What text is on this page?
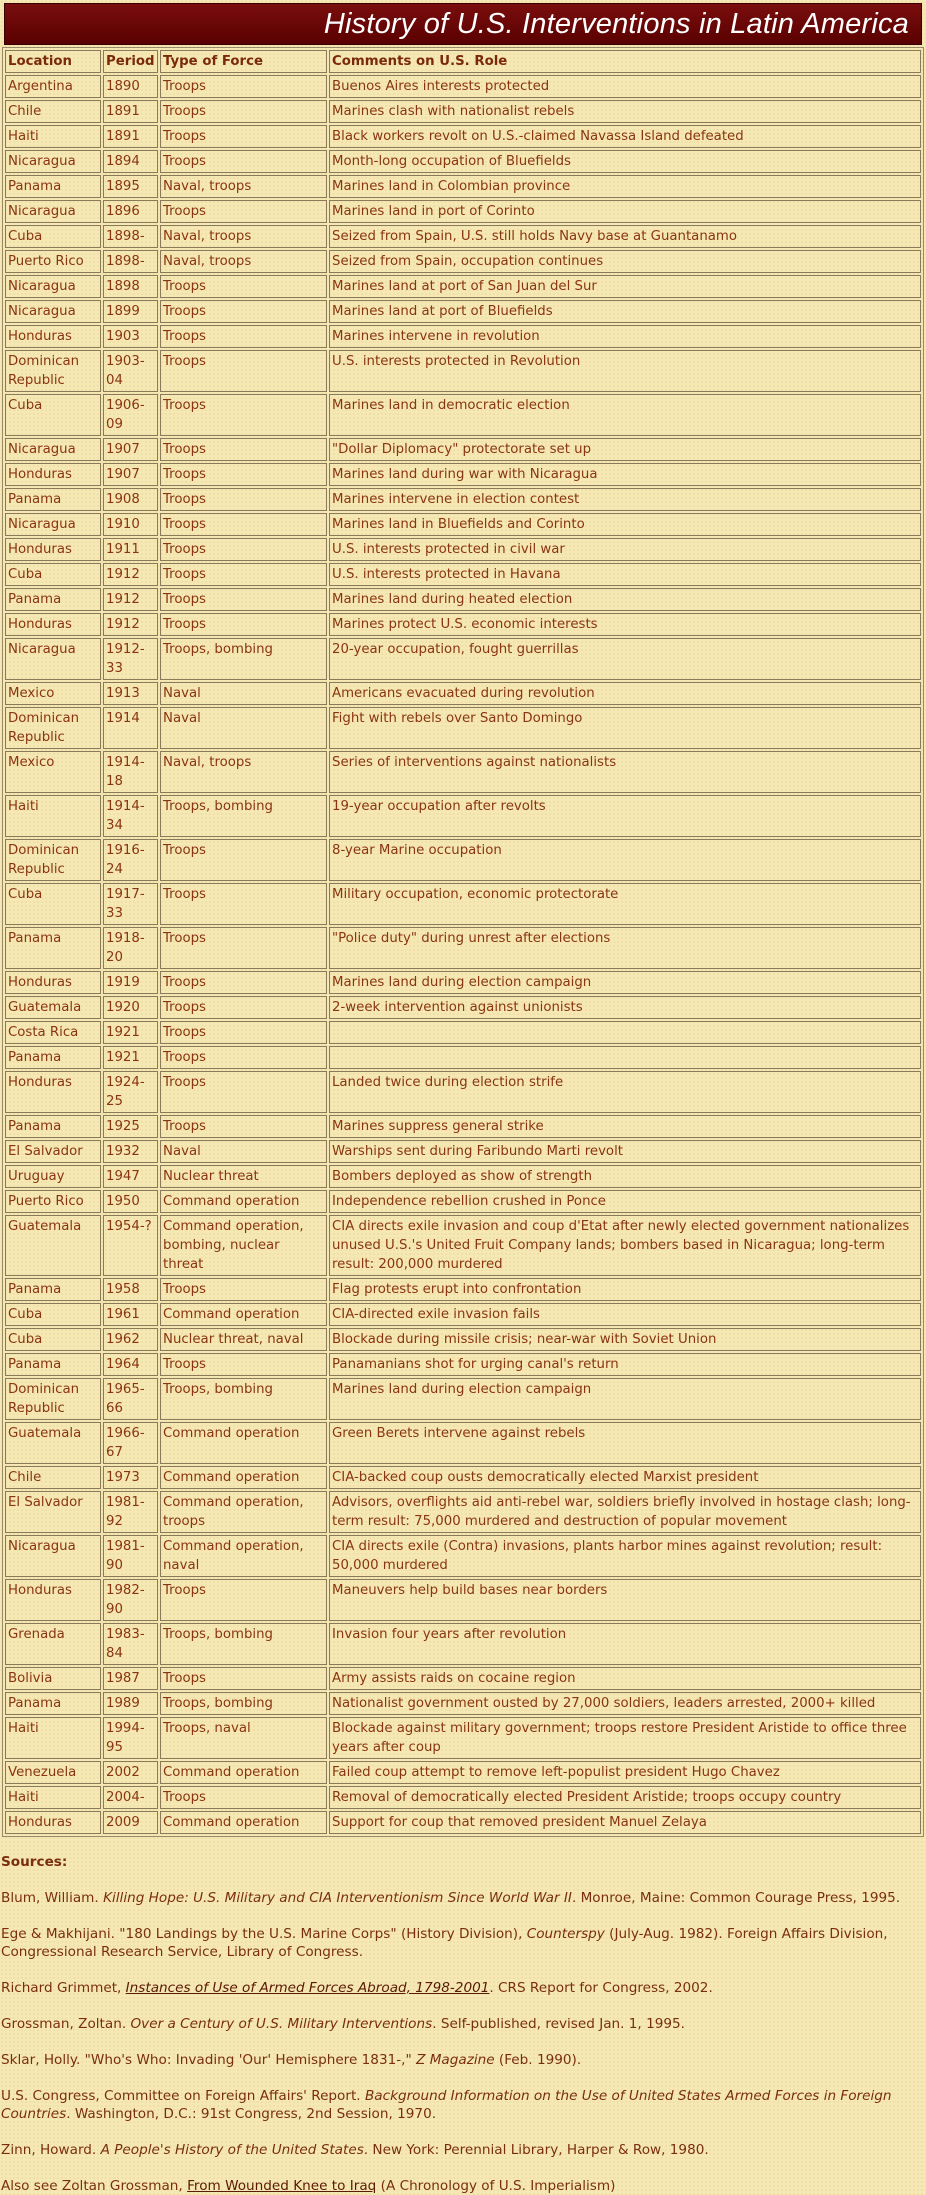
History of U.S. Interventions in Latin America
Location	Period	Type of Force	Comments on U.S. Role
Argentina	1890	Troops	Buenos Aires interests protected
Chile	1891	Troops	Marines clash with nationalist rebels
Haiti	1891	Troops	Black workers revolt on U.S.-claimed Navassa Island defeated
Nicaragua	1894	Troops	Month-long occupation of Bluefields
Panama	1895	Naval, troops	Marines land in Colombian province
Nicaragua	1896	Troops	Marines land in port of Corinto
Cuba	1898-	Naval, troops	Seized from Spain, U.S. still holds Navy base at Guantanamo
Puerto Rico	1898-	Naval, troops	Seized from Spain, occupation continues
Nicaragua	1898	Troops	Marines land at port of San Juan del Sur
Nicaragua	1899	Troops	Marines land at port of Bluefields
Honduras	1903	Troops	Marines intervene in revolution
Dominican Republic	1903-04	Troops	U.S. interests protected in Revolution
Cuba	1906-09	Troops	Marines land in democratic election
Nicaragua	1907	Troops	"Dollar Diplomacy" protectorate set up
Honduras	1907	Troops	Marines land during war with Nicaragua
Panama	1908	Troops	Marines intervene in election contest
Nicaragua	1910	Troops	Marines land in Bluefields and Corinto
Honduras	1911	Troops	U.S. interests protected in civil war
Cuba	1912	Troops	U.S. interests protected in Havana
Panama	1912	Troops	Marines land during heated election
Honduras	1912	Troops	Marines protect U.S. economic interests
Nicaragua	1912-33	Troops, bombing	20-year occupation, fought guerrillas
Mexico	1913	Naval	Americans evacuated during revolution
Dominican Republic	1914	Naval	Fight with rebels over Santo Domingo
Mexico	1914-18	Naval, troops	Series of interventions against nationalists
Haiti	1914-34	Troops, bombing	19-year occupation after revolts
Dominican Republic	1916-24	Troops	8-year Marine occupation
Cuba	1917-33	Troops	Military occupation, economic protectorate
Panama	1918-20	Troops	"Police duty" during unrest after elections
Honduras	1919	Troops	Marines land during election campaign
Guatemala	1920	Troops	2-week intervention against unionists
Costa Rica	1921	Troops	
Panama	1921	Troops	
Honduras	1924-25	Troops	Landed twice during election strife
Panama	1925	Troops	Marines suppress general strike
El Salvador	1932	Naval	Warships sent during Faribundo Marti revolt
Uruguay	1947	Nuclear threat	Bombers deployed as show of strength
Puerto Rico	1950	Command operation	Independence rebellion crushed in Ponce
Guatemala	1954-?	Command operation, bombing, nuclear threat	CIA directs exile invasion and coup d'Etat after newly elected government nationalizes unused U.S.'s United Fruit Company lands; bombers based in Nicaragua; long-term result: 200,000 murdered
Panama	1958	Troops	Flag protests erupt into confrontation
Cuba	1961	Command operation	CIA-directed exile invasion fails
Cuba	1962	Nuclear threat, naval	Blockade during missile crisis; near-war with Soviet Union
Panama	1964	Troops	Panamanians shot for urging canal's return
Dominican Republic	1965-66	Troops, bombing	Marines land during election campaign
Guatemala	1966-67	Command operation	Green Berets intervene against rebels
Chile	1973	Command operation	CIA-backed coup ousts democratically elected Marxist president
El Salvador	1981-92	Command operation, troops	Advisors, overflights aid anti-rebel war, soldiers briefly involved in hostage clash; long-term result: 75,000 murdered and destruction of popular movement
Nicaragua	1981-90	Command operation, naval	CIA directs exile (Contra) invasions, plants harbor mines against revolution; result: 50,000 murdered
Honduras	1982-90	Troops	Maneuvers help build bases near borders
Grenada	1983-84	Troops, bombing	Invasion four years after revolution
Bolivia	1987	Troops	Army assists raids on cocaine region
Panama	1989	Troops, bombing	Nationalist government ousted by 27,000 soldiers, leaders arrested, 2000+ killed
Haiti	1994-95	Troops, naval	Blockade against military government; troops restore President Aristide to office three years after coup
Venezuela	2002	Command operation	Failed coup attempt to remove left-populist president Hugo Chavez
Haiti	2004-	Troops	Removal of democratically elected President Aristide; troops occupy country
Honduras	2009	Command operation	Support for coup that removed president Manuel Zelaya
Sources:

Blum, William. Killing Hope: U.S. Military and CIA Interventionism Since World War II. Monroe, Maine: Common Courage Press, 1995.

Ege & Makhijani. "180 Landings by the U.S. Marine Corps" (History Division), Counterspy (July-Aug. 1982). Foreign Affairs Division, Congressional Research Service, Library of Congress.

Richard Grimmet, Instances of Use of Armed Forces Abroad, 1798-2001. CRS Report for Congress, 2002.

Grossman, Zoltan. Over a Century of U.S. Military Interventions. Self-published, revised Jan. 1, 1995.

Sklar, Holly. "Who's Who: Invading 'Our' Hemisphere 1831-," Z Magazine (Feb. 1990).

U.S. Congress, Committee on Foreign Affairs' Report. Background Information on the Use of United States Armed Forces in Foreign Countries. Washington, D.C.: 91st Congress, 2nd Session, 1970.

Zinn, Howard. A People's History of the United States. New York: Perennial Library, Harper & Row, 1980.

Also see Zoltan Grossman, From Wounded Knee to Iraq (A Chronology of U.S. Imperialism)
